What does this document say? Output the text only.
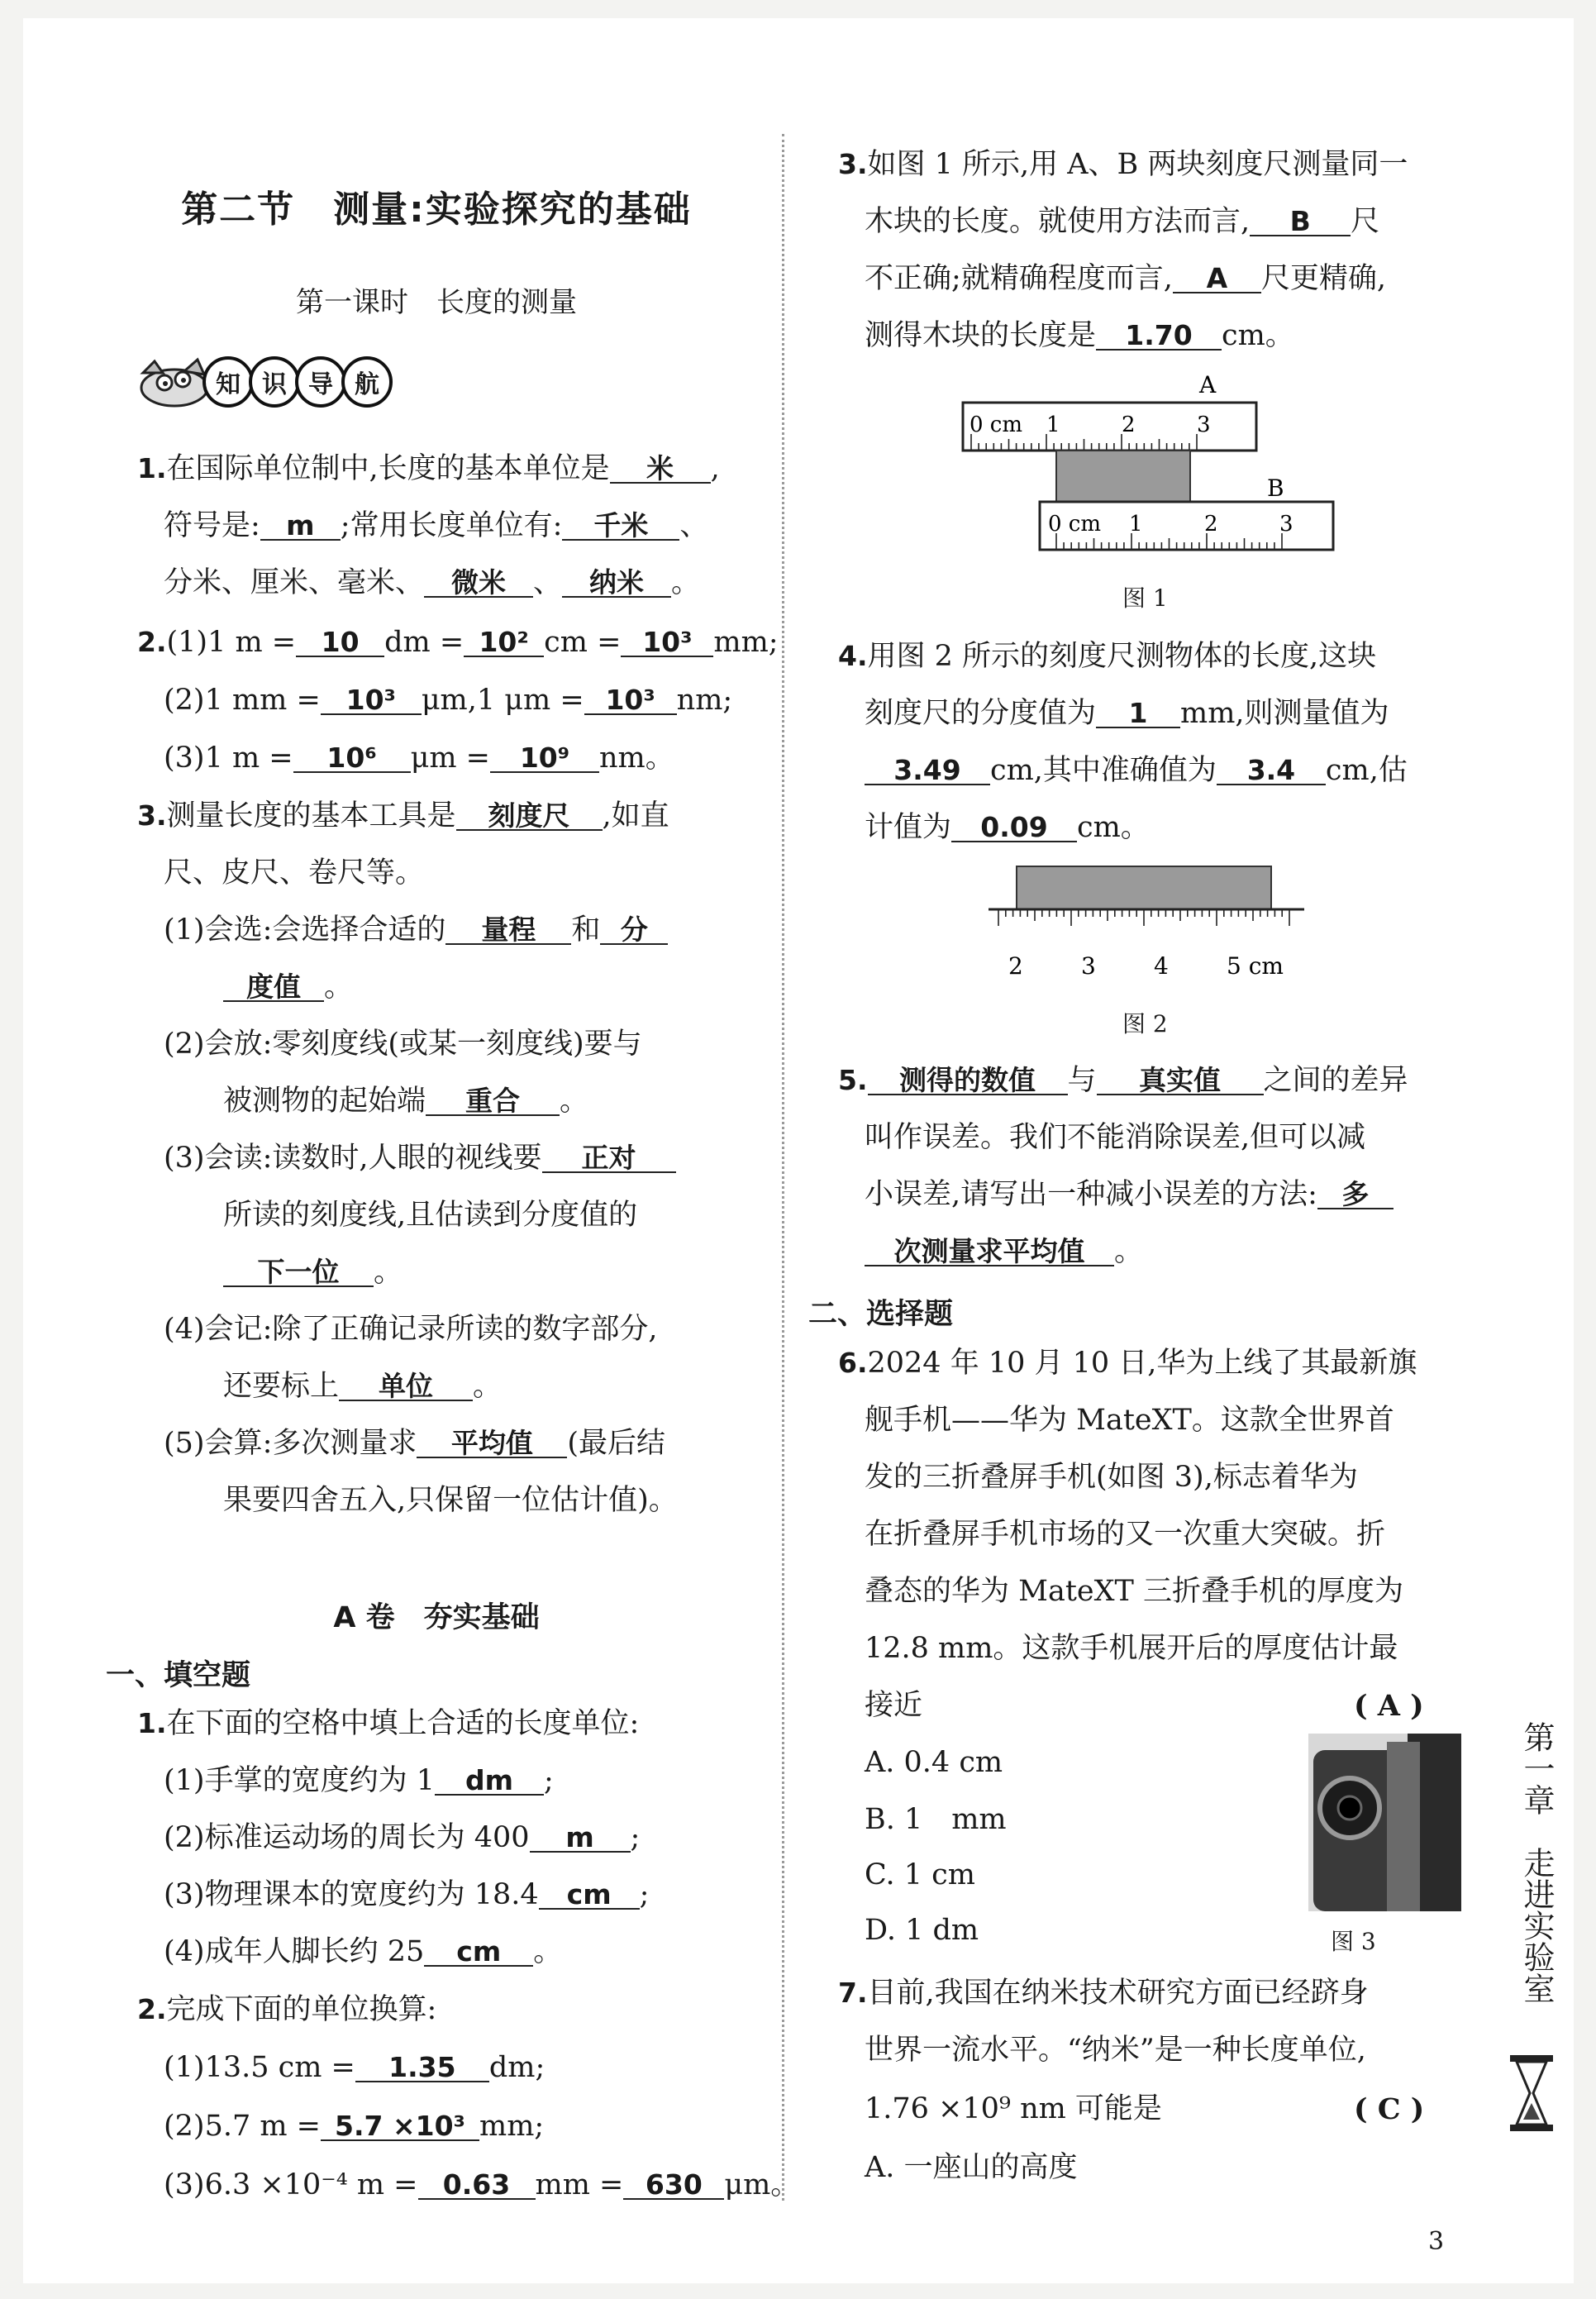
第二节　测量:实验探究的基础
第一课时　长度的测量
知 识 导 航
1.在国际单位制中,长度的基本单位是 米 ,
符号是: m ;常用长度单位有: 千米 、
分米、厘米、毫米、 微米 、 纳米 。
2.(1)1 m = 10 dm = 10² cm = 10³ mm;
(2)1 mm = 10³ μm,1 μm = 10³ nm;
(3)1 m = 10⁶ μm = 10⁹ nm。
3.测量长度的基本工具是 刻度尺 ,如直
尺、皮尺、卷尺等。
(1)会选:会选择合适的 量程 和 分
度值 。
(2)会放:零刻度线(或某一刻度线)要与
被测物的起始端 重合 。
(3)会读:读数时,人眼的视线要 正对
所读的刻度线,且估读到分度值的
下一位 。
(4)会记:除了正确记录所读的数字部分,
还要标上 单位 。
(5)会算:多次测量求 平均值 (最后结
果要四舍五入,只保留一位估计值)。
A 卷　夯实基础
一、填空题
1.在下面的空格中填上合适的长度单位:
(1)手掌的宽度约为 1 dm ;
(2)标准运动场的周长为 400 m ;
(3)物理课本的宽度约为 18.4 cm ;
(4)成年人脚长约 25 cm 。
2.完成下面的单位换算:
(1)13.5 cm = 1.35 dm;
(2)5.7 m = 5.7 ×10³ mm;
(3)6.3 ×10⁻⁴ m = 0.63 mm = 630 μm。
3.如图 1 所示,用 A、B 两块刻度尺测量同一
木块的长度。就使用方法而言, B 尺
不正确;就精确程度而言, A 尺更精确,
测得木块的长度是 1.70 cm。
A
0 cm 1	2	3
B
0 cm 1	2	3
图 1
4.用图 2 所示的刻度尺测物体的长度,这块
刻度尺的分度值为 1 mm,则测量值为
3.49 cm,其中准确值为 3.4 cm,估
计值为 0.09 cm。
2	3	4	5 cm
图 2
5. 测得的数值 与 真实值 之间的差异
叫作误差。我们不能消除误差,但可以减
小误差,请写出一种减小误差的方法: 多
次测量求平均值 。
二、选择题
6.2024 年 10 月 10 日,华为上线了其最新旗
舰手机——华为 MateXT。这款全世界首
发的三折叠屏手机(如图 3),标志着华为
在折叠屏手机市场的又一次重大突破。折
叠态的华为 MateXT 三折叠手机的厚度为
12.8 mm。这款手机展开后的厚度估计最
接近	( A )
A. 0.4 cm
B. 1　mm
C. 1 cm
D. 1 dm	图 3
7.目前,我国在纳米技术研究方面已经跻身
世界一流水平。“纳米”是一种长度单位,
1.76 ×10⁹ nm 可能是	( C )
A. 一座山的高度
第一章　走进实验室
3
